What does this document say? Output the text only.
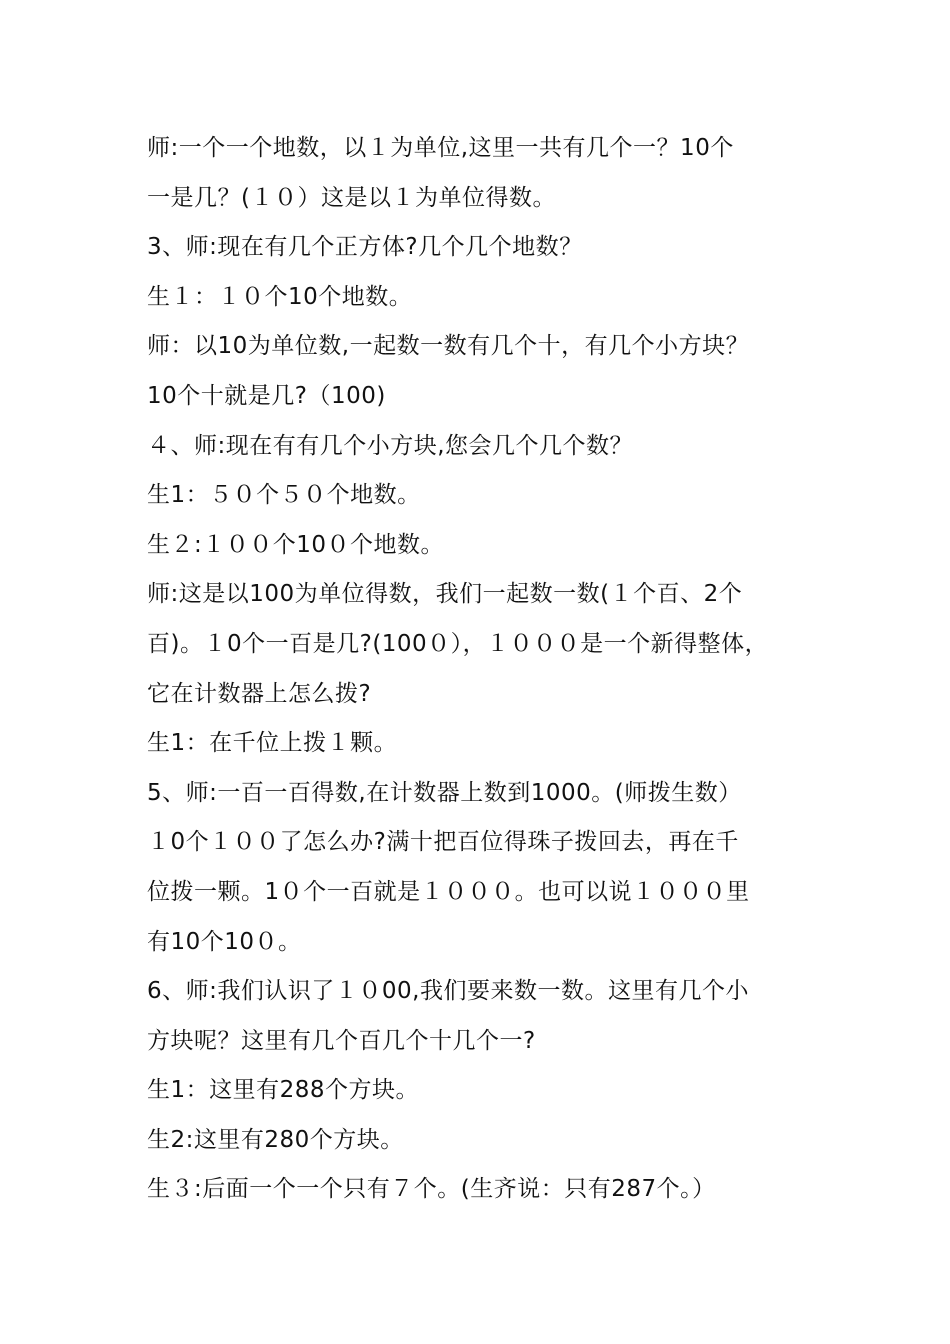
师:一个一个地数，以１为单位,这里一共有几个一？10个
一是几？(１０）这是以１为单位得数。
3、师:现在有几个正方体?几个几个地数？
生１：１０个10个地数。
师：以10为单位数,一起数一数有几个十，有几个小方块？
10个十就是几?（100)
４、师:现在有有几个小方块,您会几个几个数？
生1：５０个５０个地数。
生２:１００个10０个地数。
师:这是以100为单位得数，我们一起数一数(１个百、2个
百)。１0个一百是几?(100０），１０００是一个新得整体，
它在计数器上怎么拨?
生1：在千位上拨１颗。
5、师:一百一百得数,在计数器上数到1000。(师拨生数）
１0个１００了怎么办?满十把百位得珠子拨回去，再在千
位拨一颗。1０个一百就是１０００。也可以说１０００里
有10个10０。
6、师:我们认识了１０00,我们要来数一数。这里有几个小
方块呢？这里有几个百几个十几个一?
生1：这里有288个方块。
生2:这里有280个方块。
生３:后面一个一个只有７个。(生齐说：只有287个。）
